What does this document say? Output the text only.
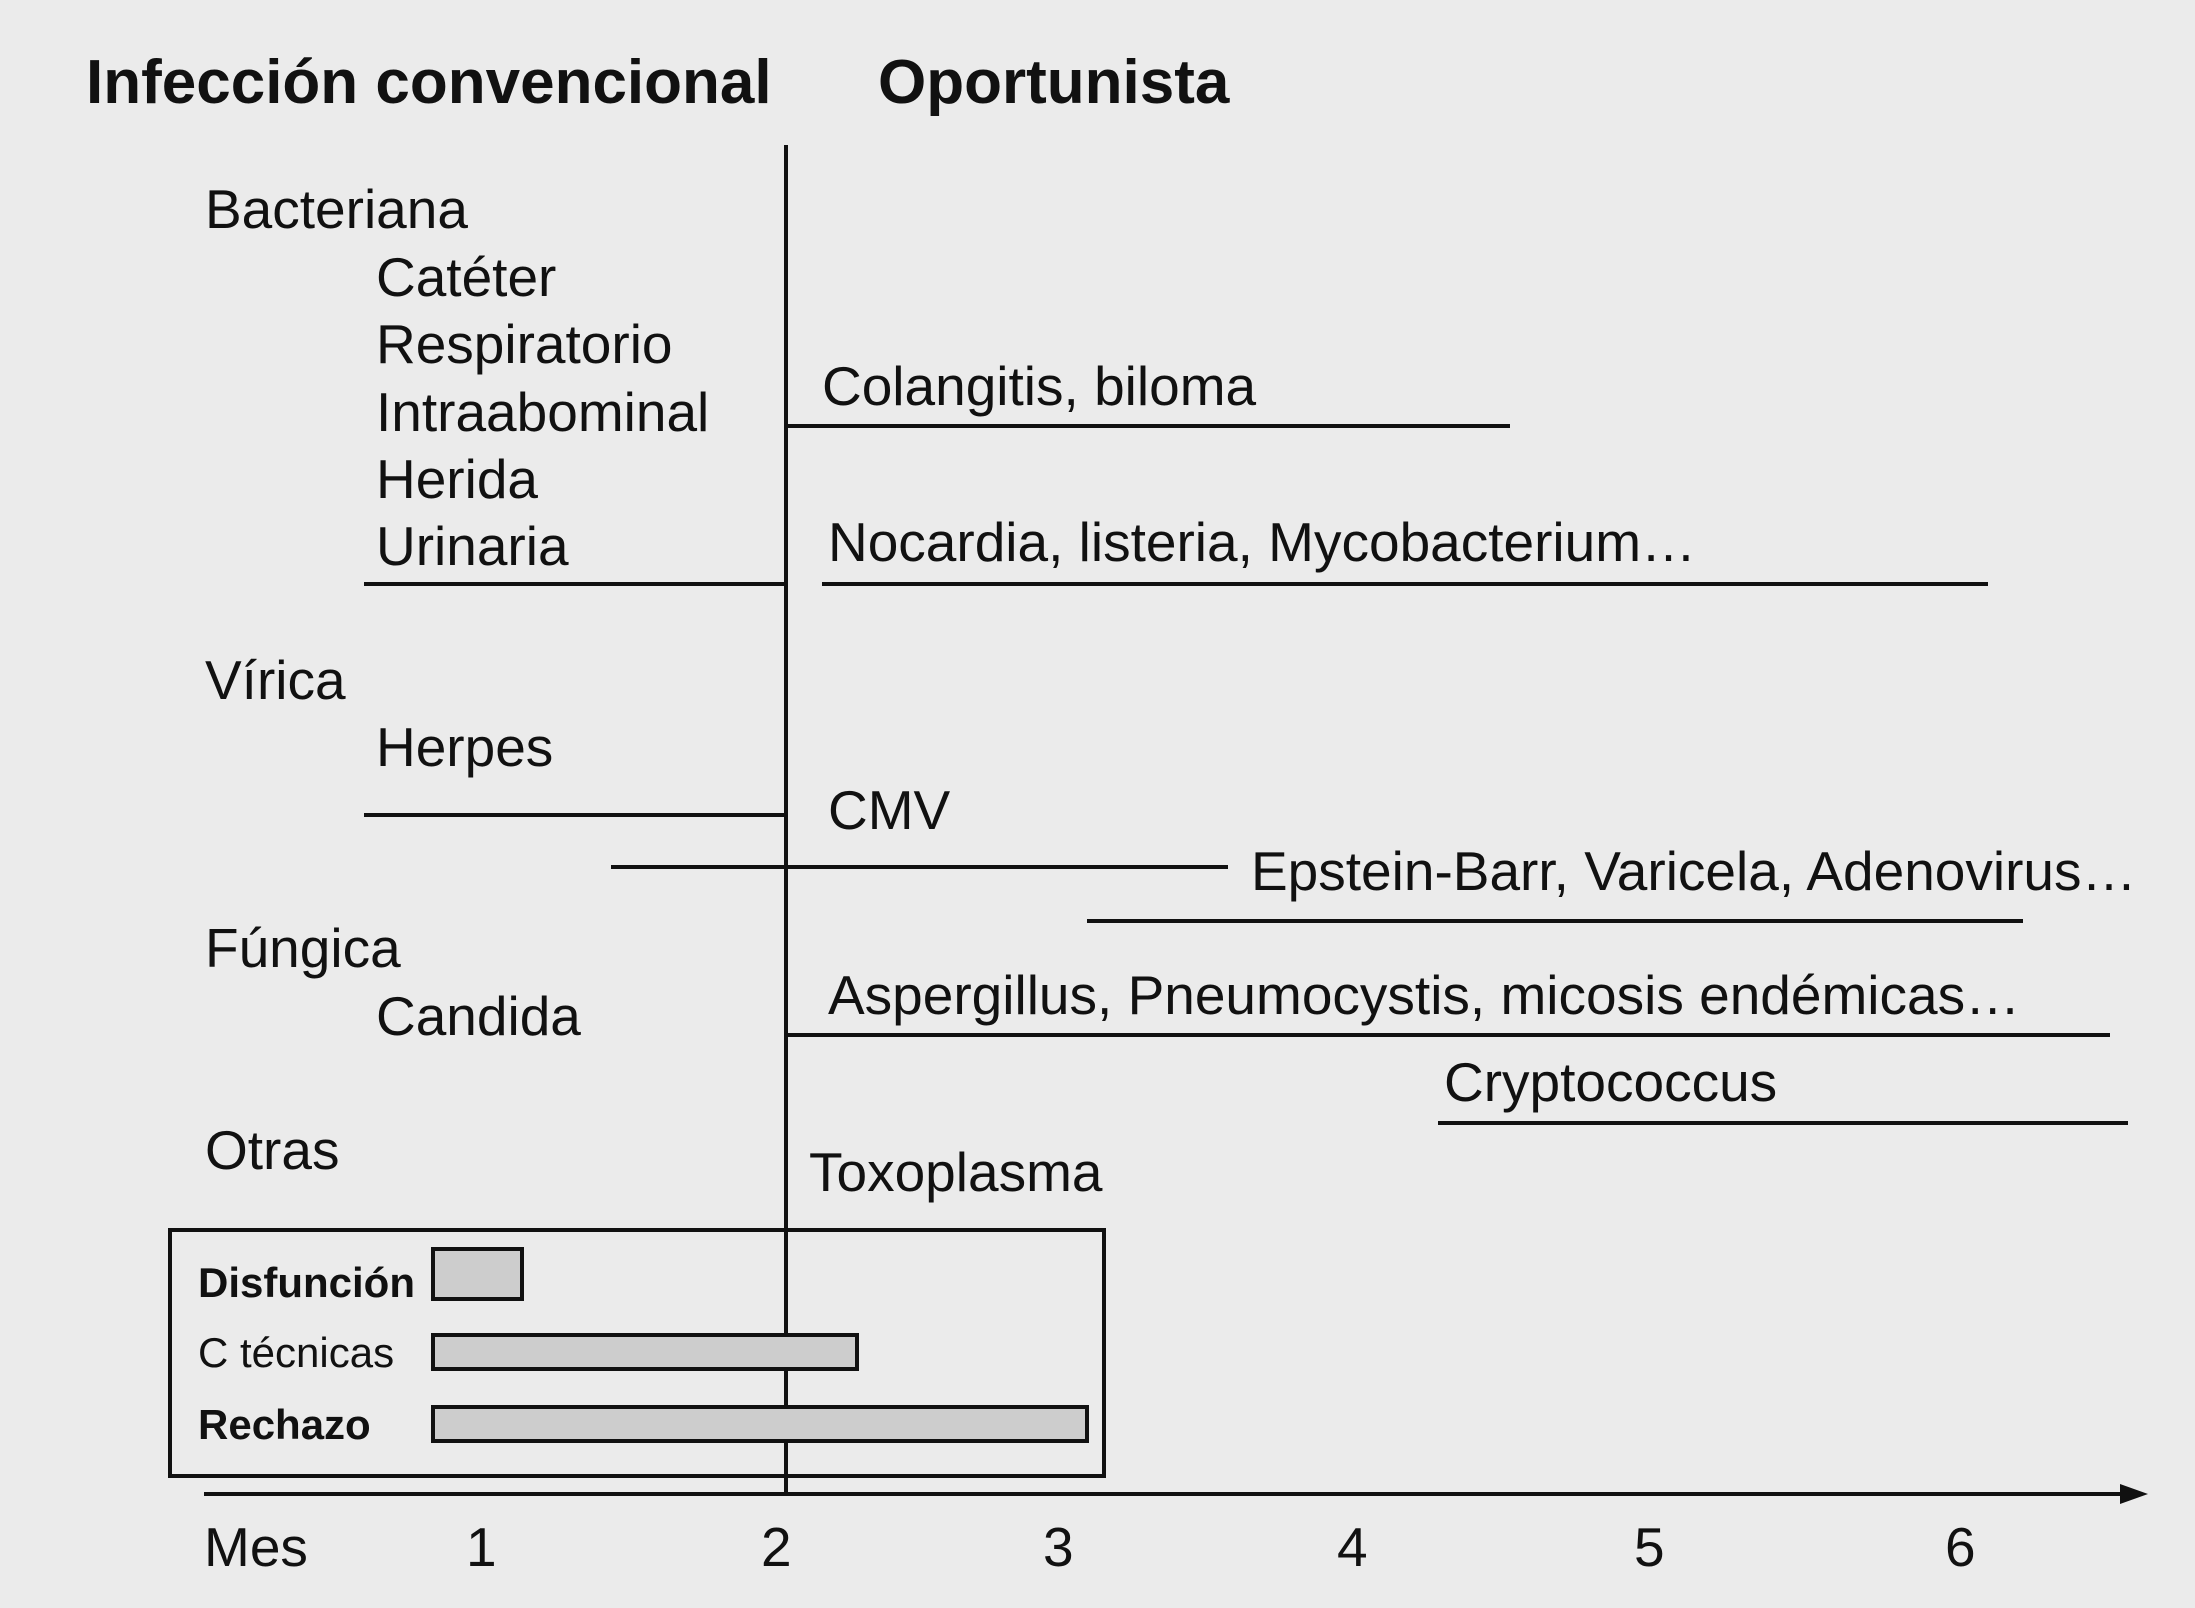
Infección convencional Oportunista
Bacteriana
Catéter
Respiratorio
Intraabominal
Herida
Urinaria
Colangitis, biloma
Nocardia, listeria, Mycobacterium…
Vírica
Herpes
CMV
Epstein-Barr, Varicela, Adenovirus…
Fúngica
Candida	Aspergillus, Pneumocystis, micosis endémicas…
Cryptococcus
Otras	Toxoplasma
Disfunción
C técnicas
Rechazo
Mes	1	2	3	4	5	6
